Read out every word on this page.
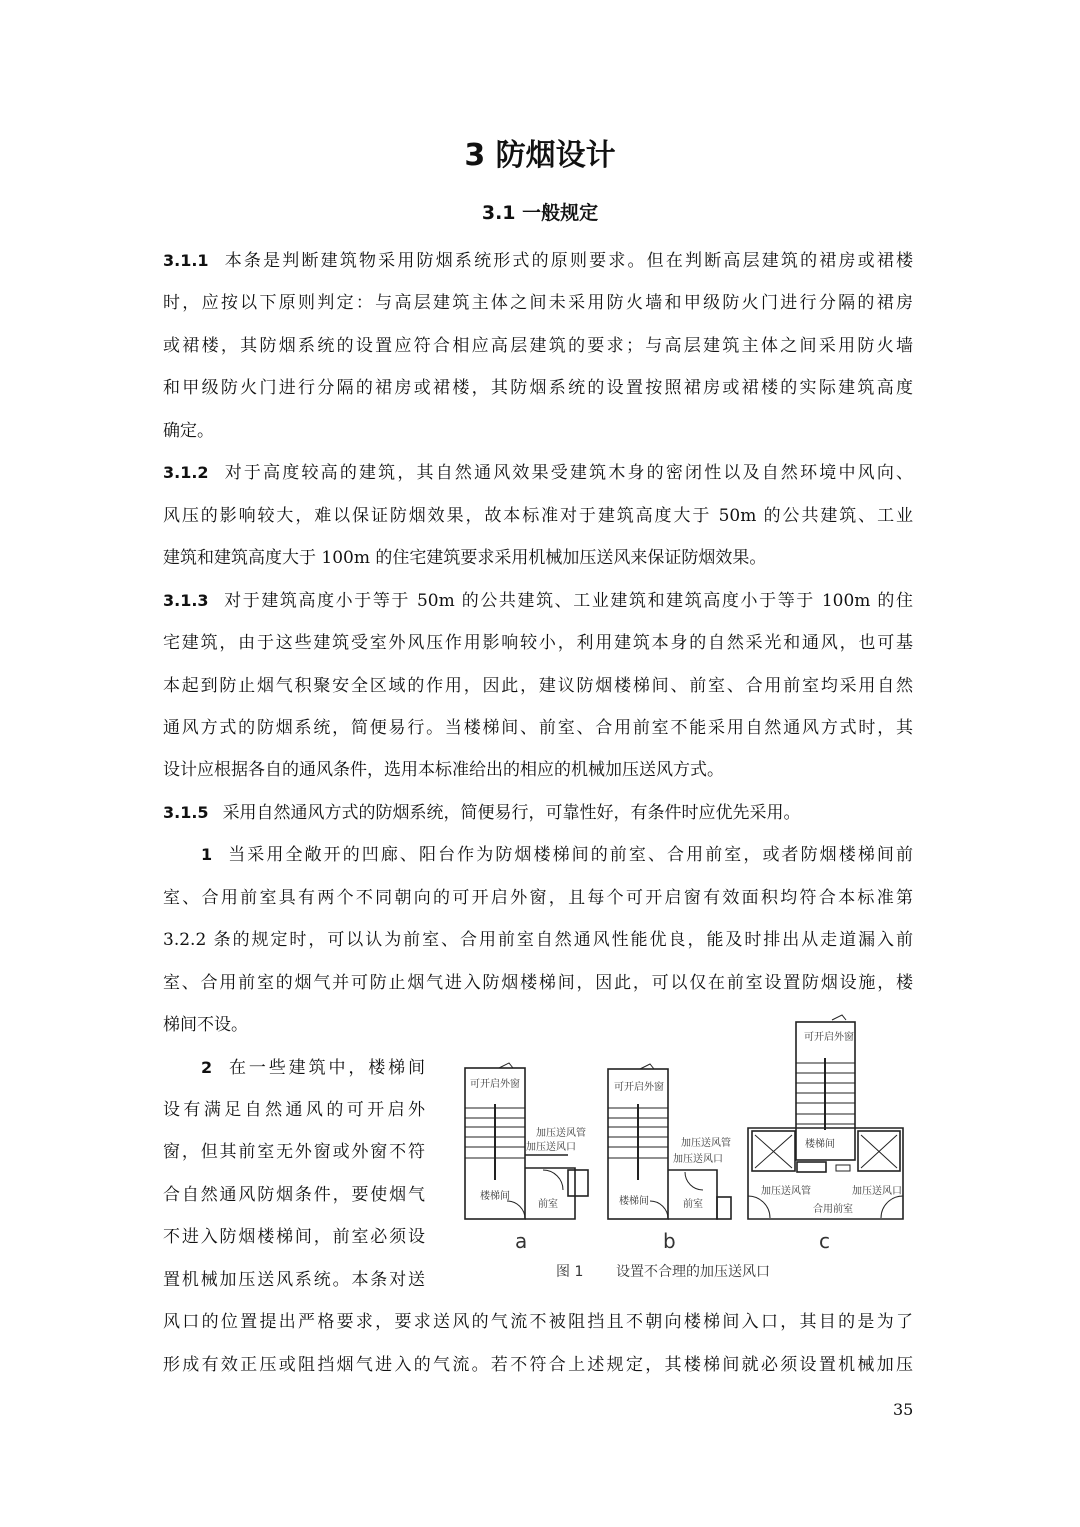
3 防烟设计
3.1 一般规定
3.1.1 本条是判断建筑物采用防烟系统形式的原则要求。但在判断高层建筑的裙房或裙楼
时，应按以下原则判定：与高层建筑主体之间未采用防火墙和甲级防火门进行分隔的裙房
或裙楼，其防烟系统的设置应符合相应高层建筑的要求；与高层建筑主体之间采用防火墙
和甲级防火门进行分隔的裙房或裙楼，其防烟系统的设置按照裙房或裙楼的实际建筑高度
确定。
3.1.2 对于高度较高的建筑，其自然通风效果受建筑木身的密闭性以及自然环境中风向、
风压的影响较大，难以保证防烟效果，故本标准对于建筑高度大于 50m 的公共建筑、工业
建筑和建筑高度大于 100m 的住宅建筑要求采用机械加压送风来保证防烟效果。
3.1.3 对于建筑高度小于等于 50m 的公共建筑、工业建筑和建筑高度小于等于 100m 的住
宅建筑，由于这些建筑受室外风压作用影响较小，利用建筑本身的自然采光和通风，也可基
本起到防止烟气积聚安全区域的作用，因此，建议防烟楼梯间、前室、合用前室均采用自然
通风方式的防烟系统，简便易行。当楼梯间、前室、合用前室不能采用自然通风方式时，其
设计应根据各自的通风条件，选用本标准给出的相应的机械加压送风方式。
3.1.5 采用自然通风方式的防烟系统，简便易行，可靠性好，有条件时应优先采用。
1 当采用全敞开的凹廊、阳台作为防烟楼梯间的前室、合用前室，或者防烟楼梯间前
室、合用前室具有两个不同朝向的可开启外窗，且每个可开启窗有效面积均符合本标准第
3.2.2 条的规定时，可以认为前室、合用前室自然通风性能优良，能及时排出从走道漏入前
室、合用前室的烟气并可防止烟气进入防烟楼梯间，因此，可以仅在前室设置防烟设施，楼
梯间不设。
2 在一些建筑中，楼梯间
设有满足自然通风的可开启外
窗，但其前室无外窗或外窗不符
合自然通风防烟条件，要使烟气
不进入防烟楼梯间，前室必须设
置机械加压送风系统。本条对送
风口的位置提出严格要求，要求送风的气流不被阻挡且不朝向楼梯间入口，其目的是为了
形成有效正压或阻挡烟气进入的气流。若不符合上述规定，其楼梯间就必须设置机械加压
可开启外窗
加压送风管
加压送风口
楼梯间
前室
可开启外窗
加压送风管
加压送风口
楼梯间	前室
可开启外窗
楼梯间
加压送风管	加压送风口
合用前室
a	b	c
图 1 设置不合理的加压送风口
35
